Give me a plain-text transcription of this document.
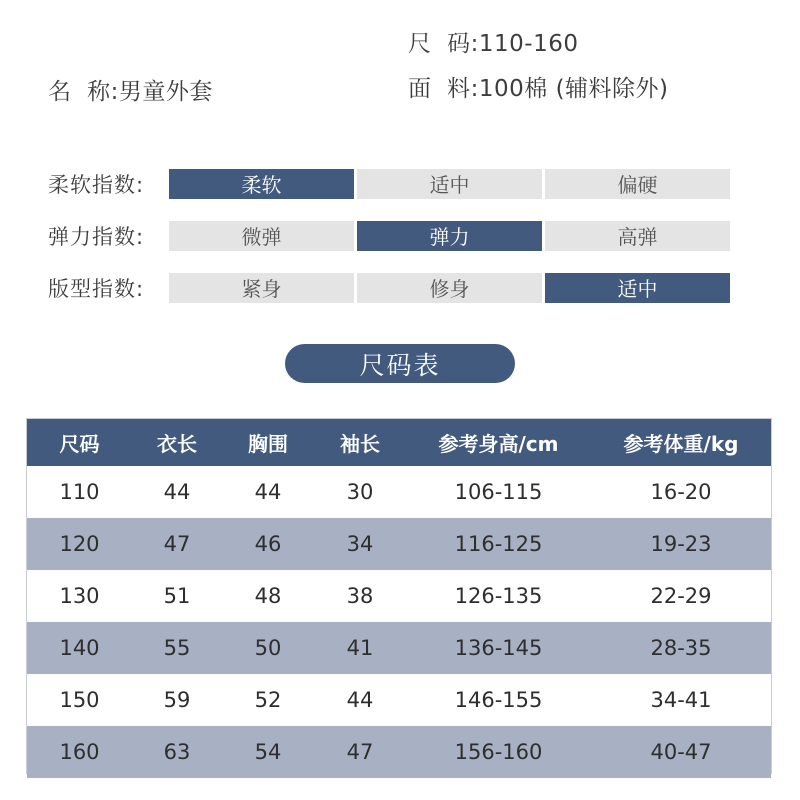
尺  码:110-160
面  料:100棉 (辅料除外)
名  称:男童外套
柔软指数:	柔软	适中	偏硬
弹力指数:	微弹	弹力	高弹
版型指数:	紧身	修身	适中
尺码表
尺码	衣长	胸围	袖长	参考身高/cm	参考体重/kg
110	44	44	30	106-115	16-20
120	47	46	34	116-125	19-23
130	51	48	38	126-135	22-29
140	55	50	41	136-145	28-35
150	59	52	44	146-155	34-41
160	63	54	47	156-160	40-47
